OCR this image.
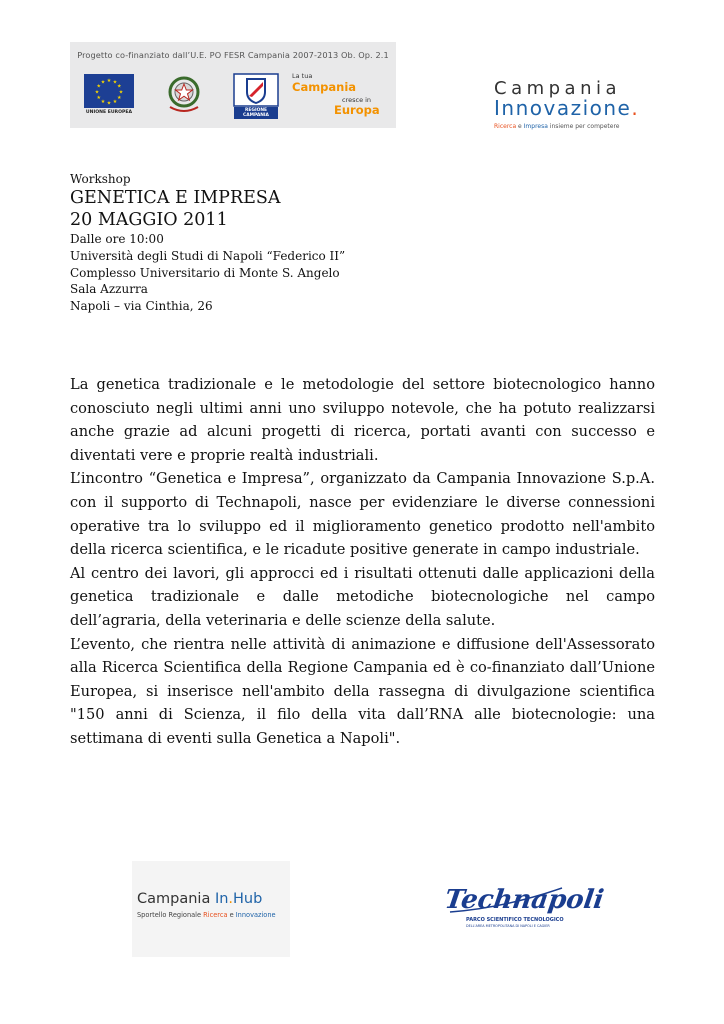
Progetto co-finanziato dall’U.E. PO FESR Campania 2007-2013 Ob. Op. 2.1
★ ★
★
★
★
★
★
★
★
★
★
★
UNIONE EUROPEA	REGIONE CAMPANIA
La tua
Campania
cresce in
Europa
Campania
Innovazione.
Ricerca e Impresa insieme per competere
Workshop
GENETICA E IMPRESA
20 MAGGIO 2011
Dalle ore 10:00
Università degli Studi di Napoli “Federico II”
Complesso Universitario di Monte S. Angelo
Sala Azzurra
Napoli – via Cinthia, 26

La genetica tradizionale e le metodologie del settore biotecnologico hanno conosciuto negli ultimi anni uno sviluppo notevole, che ha potuto realizzarsi anche grazie ad alcuni progetti di ricerca, portati avanti con successo e diventati vere e proprie realtà industriali.

L’incontro “Genetica e Impresa”, organizzato da Campania Innovazione S.p.A. con il supporto di Technapoli, nasce per evidenziare le diverse connessioni operative tra lo sviluppo ed il miglioramento genetico prodotto nell'ambito della ricerca scientifica, e le ricadute positive generate in campo industriale.

Al centro dei lavori, gli approcci ed i risultati ottenuti dalle applicazioni della genetica tradizionale e dalle metodiche biotecnologiche nel campo dell’agraria, della veterinaria e delle scienze della salute.

L’evento, che rientra nelle attività di animazione e diffusione dell'Assessorato alla Ricerca Scientifica della Regione Campania ed è co-finanziato dall’Unione Europea, si inserisce nell'ambito della rassegna di divulgazione scientifica "150 anni di Scienza, il filo della vita dall’RNA alle biotecnologie: una settimana di eventi sulla Genetica a Napoli".

Campania In.Hub
Sportello Regionale Ricerca e Innovazione
Technapoli
PARCO SCIENTIFICO TECNOLOGICO
DELL'AREA METROPOLITANA DI NAPOLI E CAGIER
